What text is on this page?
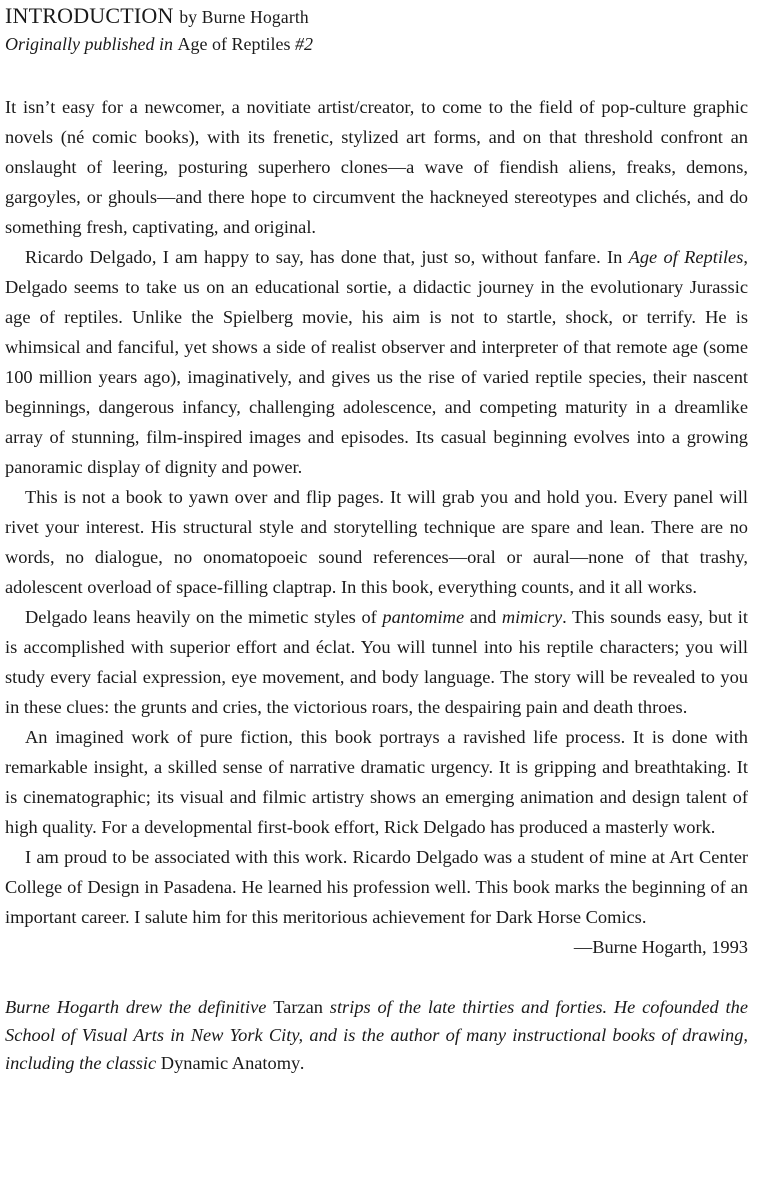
INTRODUCTION by Burne Hogarth

Originally published in Age of Reptiles #2

It isn’t easy for a newcomer, a novitiate artist/creator, to come to the field of pop-culture graphic novels (né comic books), with its frenetic, stylized art forms, and on that threshold confront an onslaught of leering, posturing superhero clones—a wave of fiendish aliens, freaks, demons, gargoyles, or ghouls—and there hope to circumvent the hackneyed stereotypes and clichés, and do something fresh, captivating, and original.

Ricardo Delgado, I am happy to say, has done that, just so, without fanfare. In Age of Reptiles, Delgado seems to take us on an educational sortie, a didactic journey in the evolutionary Jurassic age of reptiles. Unlike the Spielberg movie, his aim is not to startle, shock, or terrify. He is whimsical and fanciful, yet shows a side of realist observer and interpreter of that remote age (some 100 million years ago), imaginatively, and gives us the rise of varied reptile species, their nascent beginnings, dangerous infancy, challenging adolescence, and competing maturity in a dreamlike array of stunning, film-inspired images and episodes. Its casual beginning evolves into a growing panoramic display of dignity and power.

This is not a book to yawn over and flip pages. It will grab you and hold you. Every panel will rivet your interest. His structural style and storytelling technique are spare and lean. There are no words, no dialogue, no onomatopoeic sound references—oral or aural—none of that trashy, adolescent overload of space-filling claptrap. In this book, everything counts, and it all works.

Delgado leans heavily on the mimetic styles of pantomime and mimicry. This sounds easy, but it is accomplished with superior effort and éclat. You will tunnel into his reptile characters; you will study every facial expression, eye movement, and body language. The story will be revealed to you in these clues: the grunts and cries, the victorious roars, the despairing pain and death throes.

An imagined work of pure fiction, this book portrays a ravished life process. It is done with remarkable insight, a skilled sense of narrative dramatic urgency. It is gripping and breathtaking. It is cinematographic; its visual and filmic artistry shows an emerging animation and design talent of high quality. For a developmental first-book effort, Rick Delgado has produced a masterly work.

I am proud to be associated with this work. Ricardo Delgado was a student of mine at Art Center College of Design in Pasadena. He learned his profession well. This book marks the beginning of an important career. I salute him for this meritorious achievement for Dark Horse Comics.

—Burne Hogarth, 1993

Burne Hogarth drew the definitive Tarzan strips of the late thirties and forties. He cofounded the School of Visual Arts in New York City, and is the author of many instructional books of drawing, including the classic Dynamic Anatomy.
